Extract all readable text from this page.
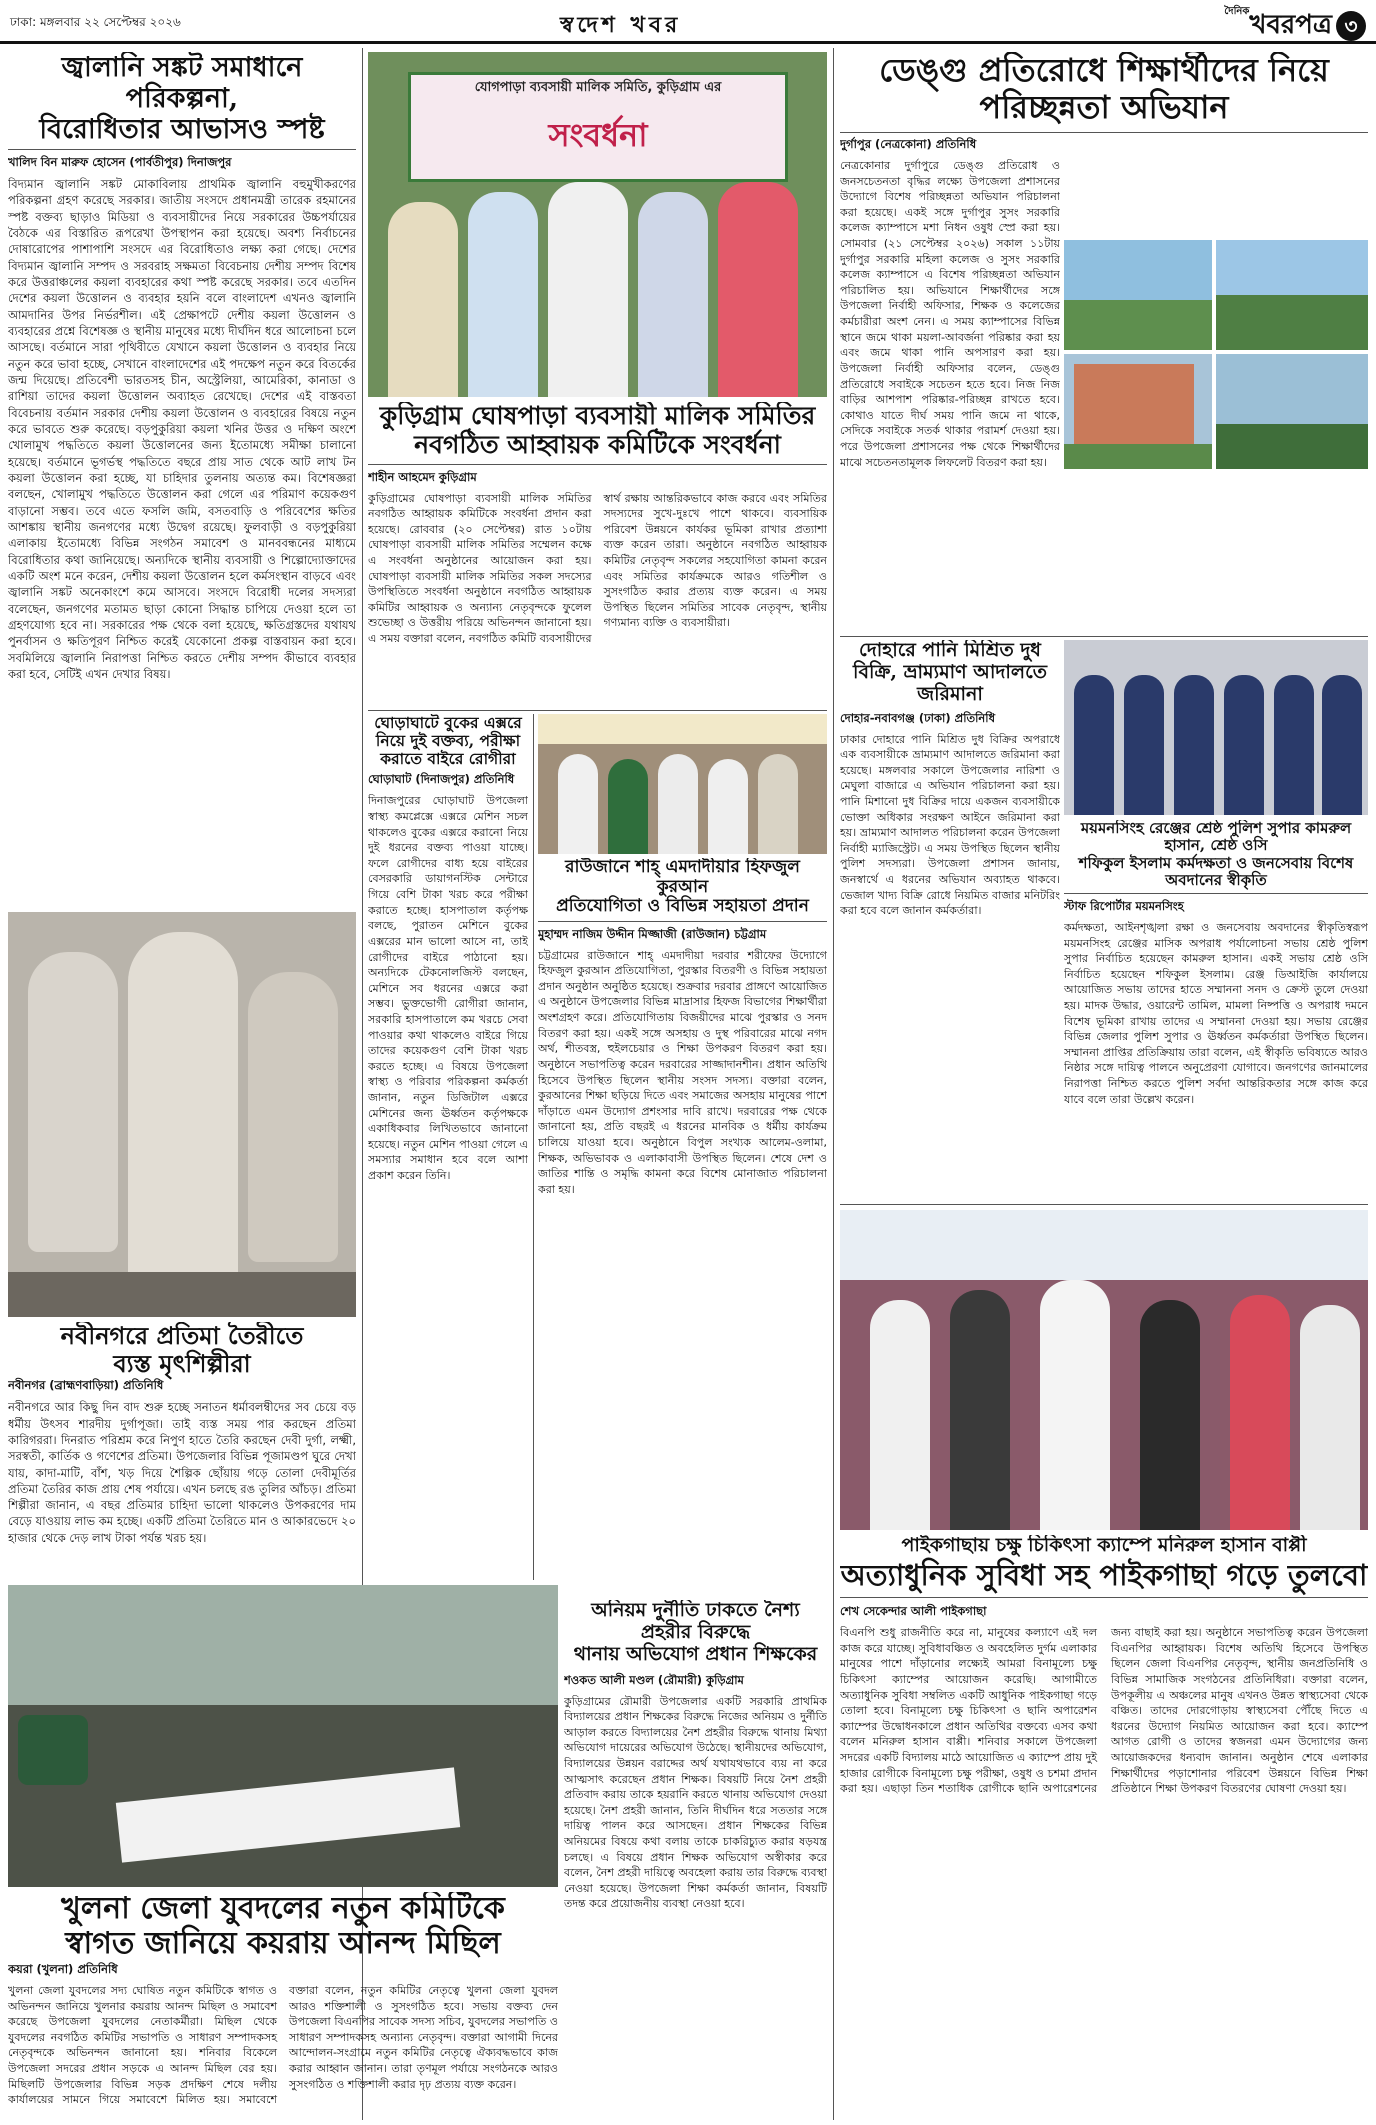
ঢাকা: মঙ্গলবার ২২ সেপ্টেম্বর ২০২৬	স্বদেশ খবর
$^{দৈনিক}$খবরপত্র ৩
জ্বালানি সঙ্কট সমাধানে পরিকল্পনা,
বিরোধিতার আভাসও স্পষ্ট
খালিদ বিন মারুফ হোসেন (পার্বতীপুর) দিনাজপুর
বিদ্যমান জ্বালানি সঙ্কট মোকাবিলায় প্রাথমিক জ্বালানি বহুমুখীকরণের পরিকল্পনা গ্রহণ করেছে সরকার। জাতীয় সংসদে প্রধানমন্ত্রী তারেক রহমানের স্পষ্ট বক্তব্য ছাড়াও মিডিয়া ও ব্যবসায়ীদের নিয়ে সরকারের উচ্চপর্যায়ের বৈঠকে এর বিস্তারিত রূপরেখা উপস্থাপন করা হয়েছে। অবশ্য নির্বাচনের দোষারোপের পাশাপাশি সংসদে এর বিরোধিতাও লক্ষ্য করা গেছে। দেশের বিদ্যমান জ্বালানি সম্পদ ও সরবরাহ সক্ষমতা বিবেচনায় দেশীয় সম্পদ বিশেষ করে উত্তরাঞ্চলের কয়লা ব্যবহারের কথা স্পষ্ট করেছে সরকার। তবে এতদিন দেশের কয়লা উত্তোলন ও ব্যবহার হয়নি বলে বাংলাদেশ এখনও জ্বালানি আমদানির উপর নির্ভরশীল। এই প্রেক্ষাপটে দেশীয় কয়লা উত্তোলন ও ব্যবহারের প্রশ্নে বিশেষজ্ঞ ও স্থানীয় মানুষের মধ্যে দীর্ঘদিন ধরে আলোচনা চলে আসছে। বর্তমানে সারা পৃথিবীতে যেখানে কয়লা উত্তোলন ও ব্যবহার নিয়ে নতুন করে ভাবা হচ্ছে, সেখানে বাংলাদেশের এই পদক্ষেপ নতুন করে বিতর্কের জন্ম দিয়েছে। প্রতিবেশী ভারতসহ চীন, অস্ট্রেলিয়া, আমেরিকা, কানাডা ও রাশিয়া তাদের কয়লা উত্তোলন অব্যাহত রেখেছে। দেশের এই বাস্তবতা বিবেচনায় বর্তমান সরকার দেশীয় কয়লা উত্তোলন ও ব্যবহারের বিষয়ে নতুন করে ভাবতে শুরু করেছে। বড়পুকুরিয়া কয়লা খনির উত্তর ও দক্ষিণ অংশে খোলামুখ পদ্ধতিতে কয়লা উত্তোলনের জন্য ইতোমধ্যে সমীক্ষা চালানো হয়েছে। বর্তমানে ভূগর্ভস্থ পদ্ধতিতে বছরে প্রায় সাত থেকে আট লাখ টন কয়লা উত্তোলন করা হচ্ছে, যা চাহিদার তুলনায় অত্যন্ত কম। বিশেষজ্ঞরা বলছেন, খোলামুখ পদ্ধতিতে উত্তোলন করা গেলে এর পরিমাণ কয়েকগুণ বাড়ানো সম্ভব। তবে এতে ফসলি জমি, বসতবাড়ি ও পরিবেশের ক্ষতির আশঙ্কায় স্থানীয় জনগণের মধ্যে উদ্বেগ রয়েছে। ফুলবাড়ী ও বড়পুকুরিয়া এলাকায় ইতোমধ্যে বিভিন্ন সংগঠন সমাবেশ ও মানববন্ধনের মাধ্যমে বিরোধিতার কথা জানিয়েছে। অন্যদিকে স্থানীয় ব্যবসায়ী ও শিল্পোদ্যোক্তাদের একটি অংশ মনে করেন, দেশীয় কয়লা উত্তোলন হলে কর্মসংস্থান বাড়বে এবং জ্বালানি সঙ্কট অনেকাংশে কমে আসবে। সংসদে বিরোধী দলের সদস্যরা বলেছেন, জনগণের মতামত ছাড়া কোনো সিদ্ধান্ত চাপিয়ে দেওয়া হলে তা গ্রহণযোগ্য হবে না। সরকারের পক্ষ থেকে বলা হয়েছে, ক্ষতিগ্রস্তদের যথাযথ পুনর্বাসন ও ক্ষতিপূরণ নিশ্চিত করেই যেকোনো প্রকল্প বাস্তবায়ন করা হবে। সবমিলিয়ে জ্বালানি নিরাপত্তা নিশ্চিত করতে দেশীয় সম্পদ কীভাবে ব্যবহার করা হবে, সেটিই এখন দেখার বিষয়।
নবীনগরে প্রতিমা তৈরীতে
ব্যস্ত মৃৎশিল্পীরা
নবীনগর (ব্রাহ্মণবাড়িয়া) প্রতিনিধি
নবীনগরে আর কিছু দিন বাদ শুরু হচ্ছে সনাতন ধর্মাবলম্বীদের সব চেয়ে বড় ধর্মীয় উৎসব শারদীয় দুর্গাপূজা। তাই ব্যস্ত সময় পার করছেন প্রতিমা কারিগররা। দিনরাত পরিশ্রম করে নিপুণ হাতে তৈরি করছেন দেবী দুর্গা, লক্ষ্মী, সরস্বতী, কার্তিক ও গণেশের প্রতিমা। উপজেলার বিভিন্ন পূজামণ্ডপ ঘুরে দেখা যায়, কাদা-মাটি, বাঁশ, খড় দিয়ে শৈল্পিক ছোঁয়ায় গড়ে তোলা দেবীমূর্তির প্রতিমা তৈরির কাজ প্রায় শেষ পর্যায়ে। এখন চলছে রঙ তুলির আঁচড়। প্রতিমা শিল্পীরা জানান, এ বছর প্রতিমার চাহিদা ভালো থাকলেও উপকরণের দাম বেড়ে যাওয়ায় লাভ কম হচ্ছে। একটি প্রতিমা তৈরিতে মান ও আকারভেদে ২০ হাজার থেকে দেড় লাখ টাকা পর্যন্ত খরচ হয়।
খুলনা জেলা যুবদলের নতুন কমিটিকে
স্বাগত জানিয়ে কয়রায় আনন্দ মিছিল
কয়রা (খুলনা) প্রতিনিধি
খুলনা জেলা যুবদলের সদ্য ঘোষিত নতুন কমিটিকে স্বাগত ও অভিনন্দন জানিয়ে খুলনার কয়রায় আনন্দ মিছিল ও সমাবেশ করেছে উপজেলা যুবদলের নেতাকর্মীরা। মিছিল থেকে যুবদলের নবগঠিত কমিটির সভাপতি ও সাধারণ সম্পাদকসহ নেতৃবৃন্দকে অভিনন্দন জানানো হয়। শনিবার বিকেলে উপজেলা সদরের প্রধান সড়কে এ আনন্দ মিছিল বের হয়। মিছিলটি উপজেলার বিভিন্ন সড়ক প্রদক্ষিণ শেষে দলীয় কার্যালয়ের সামনে গিয়ে সমাবেশে মিলিত হয়। সমাবেশে বক্তারা বলেন, নতুন কমিটির নেতৃত্বে খুলনা জেলা যুবদল আরও শক্তিশালী ও সুসংগঠিত হবে। সভায় বক্তব্য দেন উপজেলা বিএনপির সাবেক সদস্য সচিব, যুবদলের সভাপতি ও সাধারণ সম্পাদকসহ অন্যান্য নেতৃবৃন্দ। বক্তারা আগামী দিনের আন্দোলন-সংগ্রামে নতুন কমিটির নেতৃত্বে ঐক্যবদ্ধভাবে কাজ করার আহ্বান জানান। তারা তৃণমূল পর্যায়ে সংগঠনকে আরও সুসংগঠিত ও শক্তিশালী করার দৃঢ় প্রত্যয় ব্যক্ত করেন।
যোগপাড়া ব্যবসায়ী মালিক সমিতি, কুড়িগ্রাম এর
সংবর্ধনা
কুড়িগ্রাম ঘোষপাড়া ব্যবসায়ী মালিক সমিতির
নবগঠিত আহ্বায়ক কমিটিকে সংবর্ধনা
শাহীন আহমেদ কুড়িগ্রাম
কুড়িগ্রামের ঘোষপাড়া ব্যবসায়ী মালিক সমিতির নবগঠিত আহ্বায়ক কমিটিকে সংবর্ধনা প্রদান করা হয়েছে। রোববার (২০ সেপ্টেম্বর) রাত ১০টায় ঘোষপাড়া ব্যবসায়ী মালিক সমিতির সম্মেলন কক্ষে এ সংবর্ধনা অনুষ্ঠানের আয়োজন করা হয়। ঘোষপাড়া ব্যবসায়ী মালিক সমিতির সকল সদস্যের উপস্থিতিতে সংবর্ধনা অনুষ্ঠানে নবগঠিত আহ্বায়ক কমিটির আহ্বায়ক ও অন্যান্য নেতৃবৃন্দকে ফুলেল শুভেচ্ছা ও উত্তরীয় পরিয়ে অভিনন্দন জানানো হয়। এ সময় বক্তারা বলেন, নবগঠিত কমিটি ব্যবসায়ীদের স্বার্থ রক্ষায় আন্তরিকভাবে কাজ করবে এবং সমিতির সদস্যদের সুখে-দুঃখে পাশে থাকবে। ব্যবসায়িক পরিবেশ উন্নয়নে কার্যকর ভূমিকা রাখার প্রত্যাশা ব্যক্ত করেন তারা। অনুষ্ঠানে নবগঠিত আহ্বায়ক কমিটির নেতৃবৃন্দ সকলের সহযোগিতা কামনা করেন এবং সমিতির কার্যক্রমকে আরও গতিশীল ও সুসংগঠিত করার প্রত্যয় ব্যক্ত করেন। এ সময় উপস্থিত ছিলেন সমিতির সাবেক নেতৃবৃন্দ, স্থানীয় গণ্যমান্য ব্যক্তি ও ব্যবসায়ীরা।
ঘোড়াঘাটে বুকের এক্সরে নিয়ে দুই বক্তব্য, পরীক্ষা করাতে বাইরে রোগীরা
ঘোড়াঘাট (দিনাজপুর) প্রতিনিধি
দিনাজপুরের ঘোড়াঘাট উপজেলা স্বাস্থ্য কমপ্লেক্সে এক্সরে মেশিন সচল থাকলেও বুকের এক্সরে করানো নিয়ে দুই ধরনের বক্তব্য পাওয়া যাচ্ছে। ফলে রোগীদের বাধ্য হয়ে বাইরের বেসরকারি ডায়াগনস্টিক সেন্টারে গিয়ে বেশি টাকা খরচ করে পরীক্ষা করাতে হচ্ছে। হাসপাতাল কর্তৃপক্ষ বলছে, পুরাতন মেশিনে বুকের এক্সরের মান ভালো আসে না, তাই রোগীদের বাইরে পাঠানো হয়। অন্যদিকে টেকনোলজিস্ট বলছেন, মেশিনে সব ধরনের এক্সরে করা সম্ভব। ভুক্তভোগী রোগীরা জানান, সরকারি হাসপাতালে কম খরচে সেবা পাওয়ার কথা থাকলেও বাইরে গিয়ে তাদের কয়েকগুণ বেশি টাকা খরচ করতে হচ্ছে। এ বিষয়ে উপজেলা স্বাস্থ্য ও পরিবার পরিকল্পনা কর্মকর্তা জানান, নতুন ডিজিটাল এক্সরে মেশিনের জন্য ঊর্ধ্বতন কর্তৃপক্ষকে একাধিকবার লিখিতভাবে জানানো হয়েছে। নতুন মেশিন পাওয়া গেলে এ সমস্যার সমাধান হবে বলে আশা প্রকাশ করেন তিনি।
রাউজানে শাহ্ এমদাদীয়ার হিফজুল কুরআন
প্রতিযোগিতা ও বিভিন্ন সহায়তা প্রদান
মুহাম্মদ নাজিম উদ্দীন মিজ্জাজী (রাউজান) চট্টগ্রাম
চট্টগ্রামের রাউজানে শাহ্ এমদাদীয়া দরবার শরীফের উদ্যোগে হিফজুল কুরআন প্রতিযোগিতা, পুরস্কার বিতরণী ও বিভিন্ন সহায়তা প্রদান অনুষ্ঠান অনুষ্ঠিত হয়েছে। শুক্রবার দরবার প্রাঙ্গণে আয়োজিত এ অনুষ্ঠানে উপজেলার বিভিন্ন মাদ্রাসার হিফজ বিভাগের শিক্ষার্থীরা অংশগ্রহণ করে। প্রতিযোগিতায় বিজয়ীদের মাঝে পুরস্কার ও সনদ বিতরণ করা হয়। একই সঙ্গে অসহায় ও দুস্থ পরিবারের মাঝে নগদ অর্থ, শীতবস্ত্র, হুইলচেয়ার ও শিক্ষা উপকরণ বিতরণ করা হয়। অনুষ্ঠানে সভাপতিত্ব করেন দরবারের সাজ্জাদানশীন। প্রধান অতিথি হিসেবে উপস্থিত ছিলেন স্থানীয় সংসদ সদস্য। বক্তারা বলেন, কুরআনের শিক্ষা ছড়িয়ে দিতে এবং সমাজের অসহায় মানুষের পাশে দাঁড়াতে এমন উদ্যোগ প্রশংসার দাবি রাখে। দরবারের পক্ষ থেকে জানানো হয়, প্রতি বছরই এ ধরনের মানবিক ও ধর্মীয় কার্যক্রম চালিয়ে যাওয়া হবে। অনুষ্ঠানে বিপুল সংখ্যক আলেম-ওলামা, শিক্ষক, অভিভাবক ও এলাকাবাসী উপস্থিত ছিলেন। শেষে দেশ ও জাতির শান্তি ও সমৃদ্ধি কামনা করে বিশেষ মোনাজাত পরিচালনা করা হয়।
অনিয়ম দুর্নীতি ঢাকতে নৈশ্য প্রহরীর বিরুদ্ধে
থানায় অভিযোগ প্রধান শিক্ষকের
শওকত আলী মণ্ডল (রৌমারী) কুড়িগ্রাম
কুড়িগ্রামের রৌমারী উপজেলার একটি সরকারি প্রাথমিক বিদ্যালয়ের প্রধান শিক্ষকের বিরুদ্ধে নিজের অনিয়ম ও দুর্নীতি আড়াল করতে বিদ্যালয়ের নৈশ প্রহরীর বিরুদ্ধে থানায় মিথ্যা অভিযোগ দায়েরের অভিযোগ উঠেছে। স্থানীয়দের অভিযোগ, বিদ্যালয়ের উন্নয়ন বরাদ্দের অর্থ যথাযথভাবে ব্যয় না করে আত্মসাৎ করেছেন প্রধান শিক্ষক। বিষয়টি নিয়ে নৈশ প্রহরী প্রতিবাদ করায় তাকে হয়রানি করতে থানায় অভিযোগ দেওয়া হয়েছে। নৈশ প্রহরী জানান, তিনি দীর্ঘদিন ধরে সততার সঙ্গে দায়িত্ব পালন করে আসছেন। প্রধান শিক্ষকের বিভিন্ন অনিয়মের বিষয়ে কথা বলায় তাকে চাকরিচ্যুত করার ষড়যন্ত্র চলছে। এ বিষয়ে প্রধান শিক্ষক অভিযোগ অস্বীকার করে বলেন, নৈশ প্রহরী দায়িত্বে অবহেলা করায় তার বিরুদ্ধে ব্যবস্থা নেওয়া হয়েছে। উপজেলা শিক্ষা কর্মকর্তা জানান, বিষয়টি তদন্ত করে প্রয়োজনীয় ব্যবস্থা নেওয়া হবে।
ডেঙ্গু প্রতিরোধে শিক্ষার্থীদের নিয়ে
পরিচ্ছন্নতা অভিযান
দুর্গাপুর (নেত্রকোনা) প্রতিনিধি
নেত্রকোনার দুর্গাপুরে ডেঙ্গু প্রতিরোধ ও জনসচেতনতা বৃদ্ধির লক্ষ্যে উপজেলা প্রশাসনের উদ্যোগে বিশেষ পরিচ্ছন্নতা অভিযান পরিচালনা করা হয়েছে। একই সঙ্গে দুর্গাপুর সুসং সরকারি কলেজ ক্যাম্পাসে মশা নিধন ওষুধ স্প্রে করা হয়। সোমবার (২১ সেপ্টেম্বর ২০২৬) সকাল ১১টায় দুর্গাপুর সরকারি মহিলা কলেজ ও সুসং সরকারি কলেজ ক্যাম্পাসে এ বিশেষ পরিচ্ছন্নতা অভিযান পরিচালিত হয়। অভিযানে শিক্ষার্থীদের সঙ্গে উপজেলা নির্বাহী অফিসার, শিক্ষক ও কলেজের কর্মচারীরা অংশ নেন। এ সময় ক্যাম্পাসের বিভিন্ন স্থানে জমে থাকা ময়লা-আবর্জনা পরিষ্কার করা হয় এবং জমে থাকা পানি অপসারণ করা হয়। উপজেলা নির্বাহী অফিসার বলেন, ডেঙ্গু প্রতিরোধে সবাইকে সচেতন হতে হবে। নিজ নিজ বাড়ির আশপাশ পরিষ্কার-পরিচ্ছন্ন রাখতে হবে। কোথাও যাতে দীর্ঘ সময় পানি জমে না থাকে, সেদিকে সবাইকে সতর্ক থাকার পরামর্শ দেওয়া হয়। পরে উপজেলা প্রশাসনের পক্ষ থেকে শিক্ষার্থীদের মাঝে সচেতনতামূলক লিফলেট বিতরণ করা হয়।
দোহারে পানি মিশ্রিত দুধ বিক্রি, ভ্রাম্যমাণ আদালতে জরিমানা
দোহার-নবাবগঞ্জ (ঢাকা) প্রতিনিধি
ঢাকার দোহারে পানি মিশ্রিত দুধ বিক্রির অপরাধে এক ব্যবসায়ীকে ভ্রাম্যমাণ আদালতে জরিমানা করা হয়েছে। মঙ্গলবার সকালে উপজেলার নারিশা ও মেঘুলা বাজারে এ অভিযান পরিচালনা করা হয়। পানি মিশানো দুধ বিক্রির দায়ে একজন ব্যবসায়ীকে ভোক্তা অধিকার সংরক্ষণ আইনে জরিমানা করা হয়। ভ্রাম্যমাণ আদালত পরিচালনা করেন উপজেলা নির্বাহী ম্যাজিস্ট্রেট। এ সময় উপস্থিত ছিলেন স্থানীয় পুলিশ সদস্যরা। উপজেলা প্রশাসন জানায়, জনস্বার্থে এ ধরনের অভিযান অব্যাহত থাকবে। ভেজাল খাদ্য বিক্রি রোধে নিয়মিত বাজার মনিটরিং করা হবে বলে জানান কর্মকর্তারা।
ময়মনসিংহ রেঞ্জের শ্রেষ্ঠ পুলিশ সুপার কামরুল হাসান, শ্রেষ্ঠ ওসি
শফিকুল ইসলাম কর্মদক্ষতা ও জনসেবায় বিশেষ অবদানের স্বীকৃতি
স্টাফ রিপোর্টার ময়মনসিংহ
কর্মদক্ষতা, আইনশৃঙ্খলা রক্ষা ও জনসেবায় অবদানের স্বীকৃতিস্বরূপ ময়মনসিংহ রেঞ্জের মাসিক অপরাধ পর্যালোচনা সভায় শ্রেষ্ঠ পুলিশ সুপার নির্বাচিত হয়েছেন কামরুল হাসান। একই সভায় শ্রেষ্ঠ ওসি নির্বাচিত হয়েছেন শফিকুল ইসলাম। রেঞ্জ ডিআইজি কার্যালয়ে আয়োজিত সভায় তাদের হাতে সম্মাননা সনদ ও ক্রেস্ট তুলে দেওয়া হয়। মাদক উদ্ধার, ওয়ারেন্ট তামিল, মামলা নিষ্পত্তি ও অপরাধ দমনে বিশেষ ভূমিকা রাখায় তাদের এ সম্মাননা দেওয়া হয়। সভায় রেঞ্জের বিভিন্ন জেলার পুলিশ সুপার ও ঊর্ধ্বতন কর্মকর্তারা উপস্থিত ছিলেন। সম্মাননা প্রাপ্তির প্রতিক্রিয়ায় তারা বলেন, এই স্বীকৃতি ভবিষ্যতে আরও নিষ্ঠার সঙ্গে দায়িত্ব পালনে অনুপ্রেরণা যোগাবে। জনগণের জানমালের নিরাপত্তা নিশ্চিত করতে পুলিশ সর্বদা আন্তরিকতার সঙ্গে কাজ করে যাবে বলে তারা উল্লেখ করেন।
পাইকগাছায় চক্ষু চিকিৎসা ক্যাম্পে মনিরুল হাসান বাপ্পী
অত্যাধুনিক সুবিধা সহ পাইকগাছা গড়ে তুলবো
শেখ সেকেন্দার আলী পাইকগাছা
বিএনপি শুধু রাজনীতি করে না, মানুষের কল্যাণে এই দল কাজ করে যাচ্ছে। সুবিধাবঞ্চিত ও অবহেলিত দুর্গম এলাকার মানুষের পাশে দাঁড়ানোর লক্ষ্যেই আমরা বিনামূল্যে চক্ষু চিকিৎসা ক্যাম্পের আয়োজন করেছি। আগামীতে অত্যাধুনিক সুবিধা সম্বলিত একটি আধুনিক পাইকগাছা গড়ে তোলা হবে। বিনামূল্যে চক্ষু চিকিৎসা ও ছানি অপারেশন ক্যাম্পের উদ্বোধনকালে প্রধান অতিথির বক্তব্যে এসব কথা বলেন মনিরুল হাসান বাপ্পী। শনিবার সকালে উপজেলা সদরের একটি বিদ্যালয় মাঠে আয়োজিত এ ক্যাম্পে প্রায় দুই হাজার রোগীকে বিনামূল্যে চক্ষু পরীক্ষা, ওষুধ ও চশমা প্রদান করা হয়। এছাড়া তিন শতাধিক রোগীকে ছানি অপারেশনের জন্য বাছাই করা হয়। অনুষ্ঠানে সভাপতিত্ব করেন উপজেলা বিএনপির আহ্বায়ক। বিশেষ অতিথি হিসেবে উপস্থিত ছিলেন জেলা বিএনপির নেতৃবৃন্দ, স্থানীয় জনপ্রতিনিধি ও বিভিন্ন সামাজিক সংগঠনের প্রতিনিধিরা। বক্তারা বলেন, উপকূলীয় এ অঞ্চলের মানুষ এখনও উন্নত স্বাস্থ্যসেবা থেকে বঞ্চিত। তাদের দোরগোড়ায় স্বাস্থ্যসেবা পৌঁছে দিতে এ ধরনের উদ্যোগ নিয়মিত আয়োজন করা হবে। ক্যাম্পে আগত রোগী ও তাদের স্বজনরা এমন উদ্যোগের জন্য আয়োজকদের ধন্যবাদ জানান। অনুষ্ঠান শেষে এলাকার শিক্ষার্থীদের পড়াশোনার পরিবেশ উন্নয়নে বিভিন্ন শিক্ষা প্রতিষ্ঠানে শিক্ষা উপকরণ বিতরণের ঘোষণা দেওয়া হয়।
